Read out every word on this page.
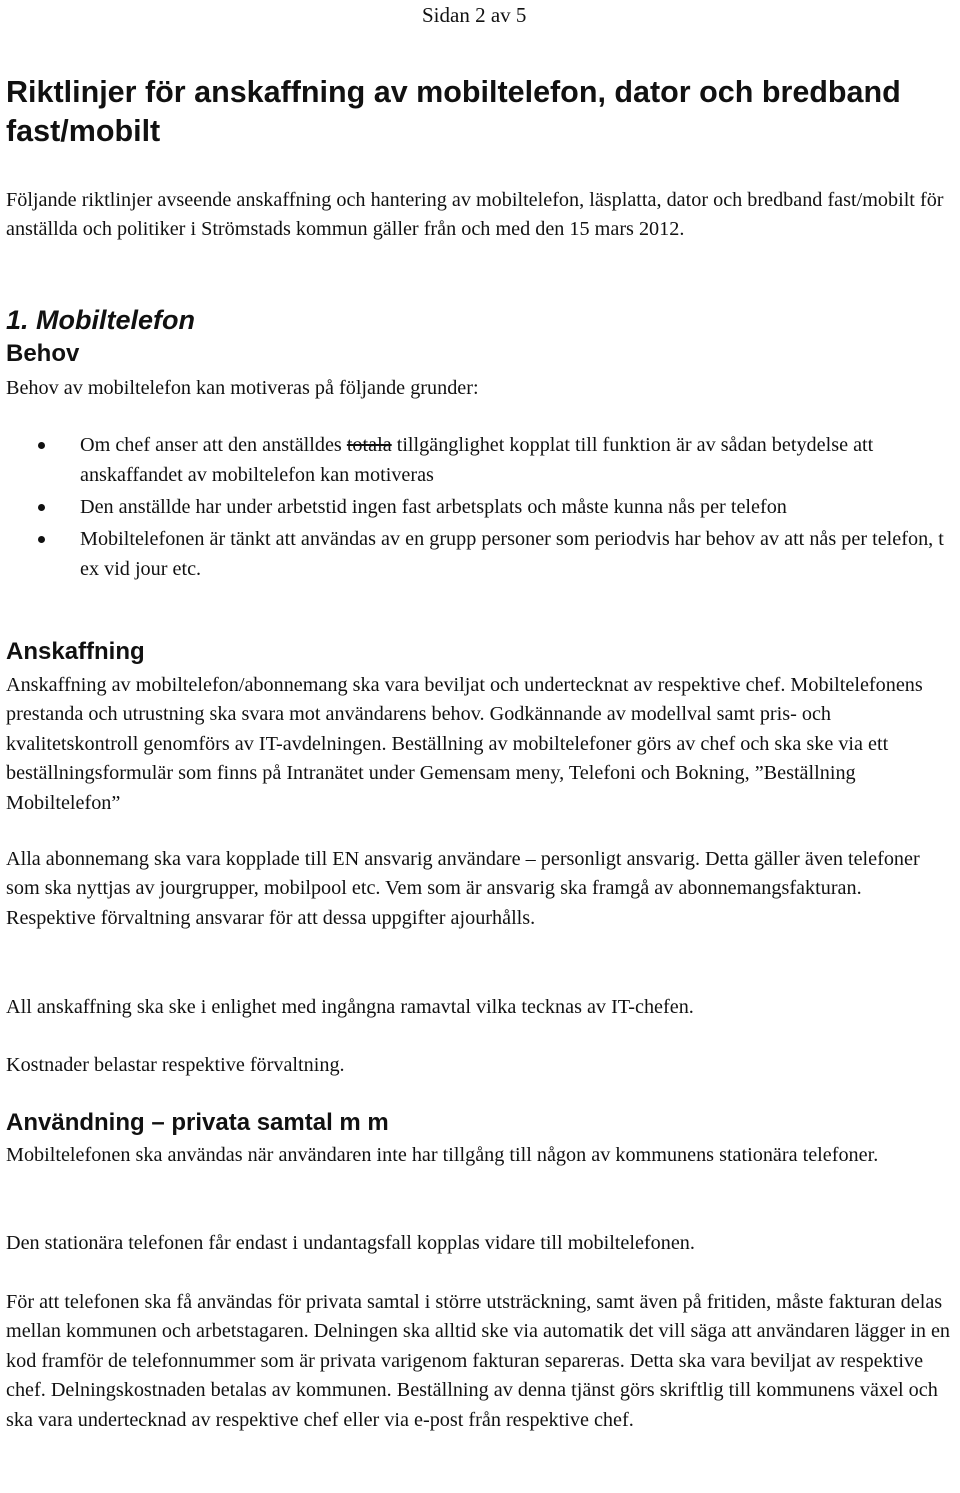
Sidan 2 av 5
Riktlinjer för anskaffning av mobiltelefon, dator och bredband fast/mobilt

Följande riktlinjer avseende anskaffning och hantering av mobiltelefon, läsplatta, dator och bredband fast/mobilt för anställda och politiker i Strömstads kommun gäller från och med den 15 mars 2012.

1. Mobiltelefon
Behov

Behov av mobiltelefon kan motiveras på följande grunder:

Om chef anser att den anställdes totala tillgänglighet kopplat till funktion är av sådan betydelse att anskaffandet av mobiltelefon kan motiveras
Den anställde har under arbetstid ingen fast arbetsplats och måste kunna nås per telefon
Mobiltelefonen är tänkt att användas av en grupp personer som periodvis har behov av att nås per telefon, t ex vid jour etc.
Anskaffning

Anskaffning av mobiltelefon/abonnemang ska vara beviljat och undertecknat av respektive chef. Mobiltelefonens prestanda och utrustning ska svara mot användarens behov. Godkännande av modellval samt pris- och kvalitetskontroll genomförs av IT-avdelningen. Beställning av mobiltelefoner görs av chef och ska ske via ett beställningsformulär som finns på Intranätet under Gemensam meny, Telefoni och Bokning, ”Beställning Mobiltelefon”

Alla abonnemang ska vara kopplade till EN ansvarig användare – personligt ansvarig. Detta gäller även telefoner som ska nyttjas av jourgrupper, mobilpool etc. Vem som är ansvarig ska framgå av abonnemangsfakturan. Respektive förvaltning ansvarar för att dessa uppgifter ajourhålls.

All anskaffning ska ske i enlighet med ingångna ramavtal vilka tecknas av IT-chefen.

Kostnader belastar respektive förvaltning.

Användning – privata samtal m m

Mobiltelefonen ska användas när användaren inte har tillgång till någon av kommunens stationära telefoner.

Den stationära telefonen får endast i undantagsfall kopplas vidare till mobiltelefonen.

För att telefonen ska få användas för privata samtal i större utsträckning, samt även på fritiden, måste fakturan delas mellan kommunen och arbetstagaren. Delningen ska alltid ske via automatik det vill säga att användaren lägger in en kod framför de telefonnummer som är privata varigenom fakturan separeras. Detta ska vara beviljat av respektive chef. Delningskostnaden betalas av kommunen. Beställning av denna tjänst görs skriftlig till kommunens växel och ska vara undertecknad av respektive chef eller via e-post från respektive chef.
